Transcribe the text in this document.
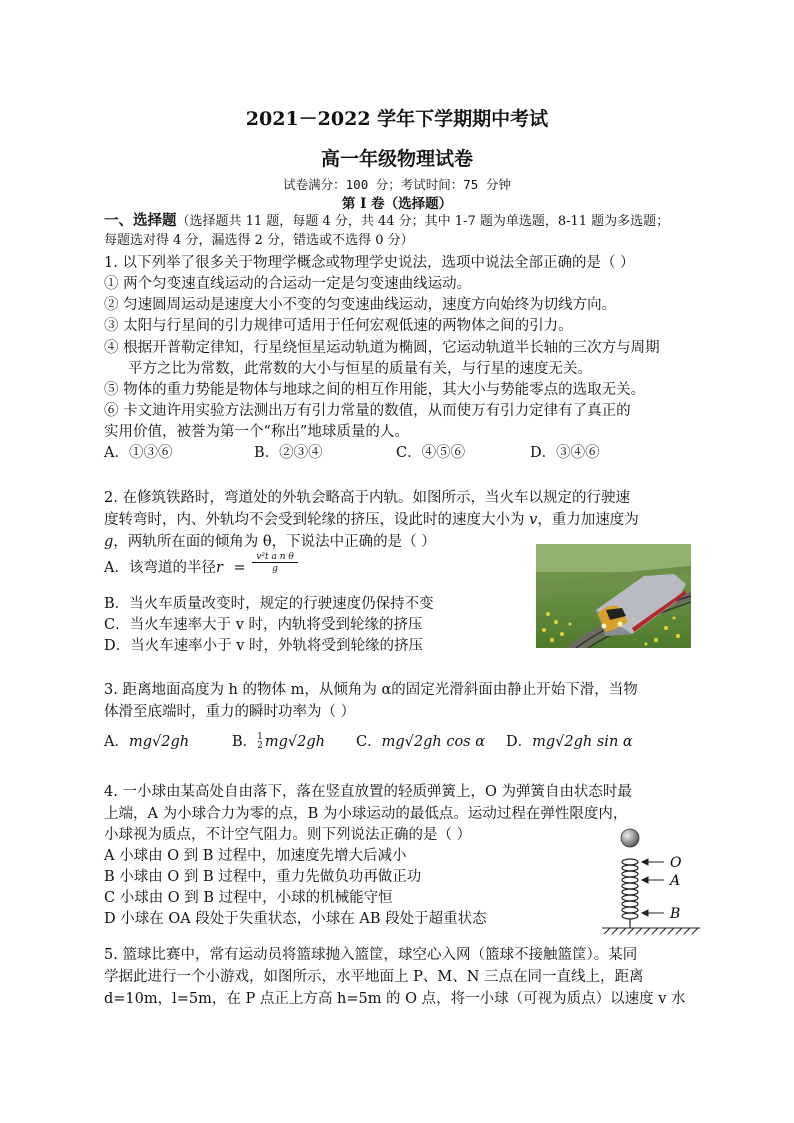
2021－2022 学年下学期期中考试
高一年级物理试卷
试卷满分：100 分；考试时间：75 分钟
第 I 卷（选择题）
一、选择题（选择题共 11 题，每题 4 分，共 44 分；其中 1-7 题为单选题，8-11 题为多选题；
每题选对得 4 分，漏选得 2 分，错选或不选得 0 分）
1. 以下列举了很多关于物理学概念或物理学史说法，选项中说法全部正确的是（ ）
① 两个匀变速直线运动的合运动一定是匀变速曲线运动。
② 匀速圆周运动是速度大小不变的匀变速曲线运动，速度方向始终为切线方向。
③ 太阳与行星间的引力规律可适用于任何宏观低速的两物体之间的引力。
④ 根据开普勒定律知，行星绕恒星运动轨道为椭圆，它运动轨道半长轴的三次方与周期
平方之比为常数，此常数的大小与恒星的质量有关，与行星的速度无关。
⑤ 物体的重力势能是物体与地球之间的相互作用能，其大小与势能零点的选取无关。
⑥ 卡文迪许用实验方法测出万有引力常量的数值，从而使万有引力定律有了真正的
实用价值，被誉为第一个“称出”地球质量的人。
A．①③⑥	B．②③④	C．④⑤⑥	D．③④⑥
2. 在修筑铁路时，弯道处的外轨会略高于内轨。如图所示，当火车以规定的行驶速
度转弯时，内、外轨均不会受到轮缘的挤压，设此时的速度大小为 v，重力加速度为
g，两轨所在面的倾角为 θ，下说法中正确的是（ ）
A．该弯道的半径$r = \frac{\text{v²t a n θ}}{g}$
B．当火车质量改变时，规定的行驶速度仍保持不变
C．当火车速率大于 v 时，内轨将受到轮缘的挤压
D．当火车速率小于 v 时，外轨将受到轮缘的挤压
3. 距离地面高度为 h 的物体 m，从倾角为 α的固定光滑斜面由静止开始下滑，当物
体滑至底端时，重力的瞬时功率为（ ）
A．mg√2gh	B． 1
2 mg√2gh C．mg√2gh cos α D．mg√2gh sin α
4. 一小球由某高处自由落下，落在竖直放置的轻质弹簧上，O 为弹簧自由状态时最
上端，A 为小球合力为零的点，B 为小球运动的最低点。运动过程在弹性限度内，
小球视为质点，不计空气阻力。则下列说法正确的是（ ）
A 小球由 O 到 B 过程中，加速度先增大后减小
B 小球由 O 到 B 过程中，重力先做负功再做正功
C 小球由 O 到 B 过程中，小球的机械能守恒
D 小球在 OA 段处于失重状态，小球在 AB 段处于超重状态
O
A
B
5. 篮球比赛中，常有运动员将篮球抛入篮筐，球空心入网（篮球不接触篮筐）。某同
学据此进行一个小游戏，如图所示，水平地面上 P、M、N 三点在同一直线上，距离
d=10m，l=5m，在 P 点正上方高 h=5m 的 O 点，将一小球（可视为质点）以速度 v 水
